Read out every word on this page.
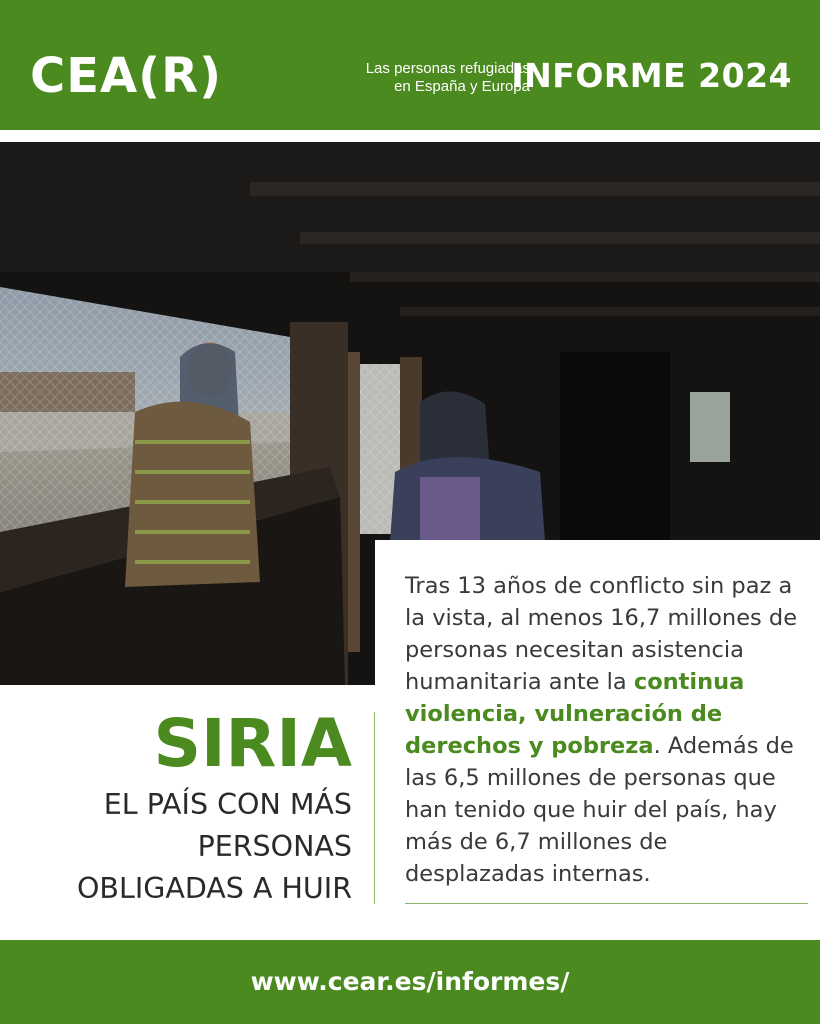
CEA(R)	Las personas refugiadas
en España y Europa
INFORME 2024
© Diego Íbarra
Tras 13 años de conflicto sin paz a la vista, al menos 16,7 millones de personas necesitan asistencia humanitaria ante la continua violencia, vulneración de derechos y pobreza. Además de las 6,5 millones de personas que han tenido que huir del país, hay más de 6,7 millones de desplazadas internas.
SIRIA
EL PAÍS CON MÁS
PERSONAS
OBLIGADAS A HUIR
www.cear.es/informes/
